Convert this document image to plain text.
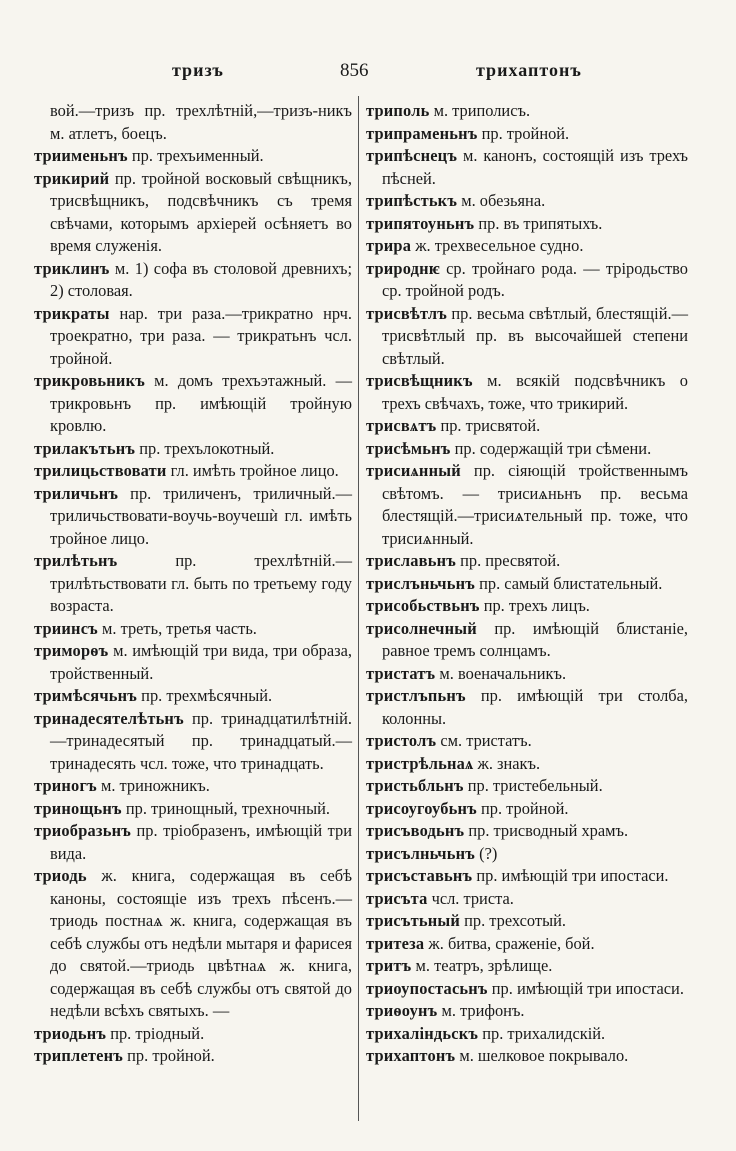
тризъ	856	трихаптонъ

вой.—тризъ пр. трехлѣтній,—тризъ-никъ м. атлетъ, боецъ.

триименьнъ пр. трехъименный.

трикирий пр. тройной восковый свѣщникъ, трисвѣщникъ, подсвѣчникъ съ тремя свѣчами, которымъ архіерей осѣняетъ во время служенія.

триклинъ м. 1) софа въ столовой древнихъ; 2) столовая.

трикраты нар. три раза.—трикратно нрч. троекратно, три раза. — трикратьнъ чсл. тройной.

трикровьникъ м. домъ трехъэтажный. —трикровьнъ пр. имѣющій тройную кровлю.

трилакътьнъ пр. трехълокотный.

трилицьствовати гл. имѣть тройное лицо.

триличьнъ пр. триличенъ, триличный.—триличьствовати-воучь-воучешѝ гл. имѣть тройное лицо.

трилѣтьнъ пр. трехлѣтній.—трилѣтьствовати гл. быть по третьему году возраста.

триинсъ м. треть, третья часть.

триморѳъ м. имѣющій три вида, три образа, тройственный.

тримѣсячьнъ пр. трехмѣсячный.

тринадесятелѣтьнъ пр. тринадцатилѣтній.—тринадесятый пр. тринадцатый.—тринадесять чсл. тоже, что тринадцать.

триногъ м. триножникъ.

тринощьнъ пр. тринощный, трехночный.

триобразьнъ пр. тріобразенъ, имѣющій три вида.

триодь ж. книга, содержащая въ себѣ каноны, состоящіе изъ трехъ пѣсенъ.—триодь постнаѧ ж. книга, содержащая въ себѣ службы отъ недѣли мытаря и фарисея до святой.—триодь цвѣтнаѧ ж. книга, содержащая въ себѣ службы отъ святой до недѣли всѣхъ святыхъ. —

триодьнъ пр. тріодный.

триплетенъ пр. тройной.

триполь м. триполисъ.

трипраменьнъ пр. тройной.

трипѣснецъ м. канонъ, состоящій изъ трехъ пѣсней.

трипѣстькъ м. обезьяна.

трипятоуньнъ пр. въ трипятыхъ.

трира ж. трехвесельное судно.

трироднѥ ср. тройнаго рода. — тріродьство ср. тройной родъ.

трисвѣтлъ пр. весьма свѣтлый, блестящій.—трисвѣтлый пр. въ высочайшей степени свѣтлый.

трисвѣщникъ м. всякій подсвѣчникъ о трехъ свѣчахъ, тоже, что трикирий.

трисвѧтъ пр. трисвятой.

трисѣмьнъ пр. содержащій три сѣмени.

трисиѧнный пр. сіяющій тройственнымъ свѣтомъ. — трисиѧньнъ пр. весьма блестящій.—трисиѧтельный пр. тоже, что трисиѧнный.

триславьнъ пр. пресвятой.

трислъньчьнъ пр. самый блистательный.

трисобьствьнъ пр. трехъ лицъ.

трисолнечный пр. имѣющій блистаніе, равное тремъ солнцамъ.

тристатъ м. военачальникъ.

тристлъпьнъ пр. имѣющій три столба, колонны.

тристолъ см. тристатъ.

тристрѣльнаѧ ж. знакъ.

тристьбльнъ пр. тристебельный.

трисоугоубьнъ пр. тройной.

трисъводьнъ пр. трисводный храмъ.

трисълньчьнъ (?)

трисъставьнъ пр. имѣющій три ипостаси.

трисъта чсл. триста.

трисътьный пр. трехсотый.

тритеза ж. битва, сраженіе, бой.

тритъ м. театръ, зрѣлище.

триоупостасьнъ пр. имѣющій три ипостаси.

триѳоунъ м. трифонъ.

трихаліндьскъ пр. трихалидскій.

трихаптонъ м. шелковое покрывало.
